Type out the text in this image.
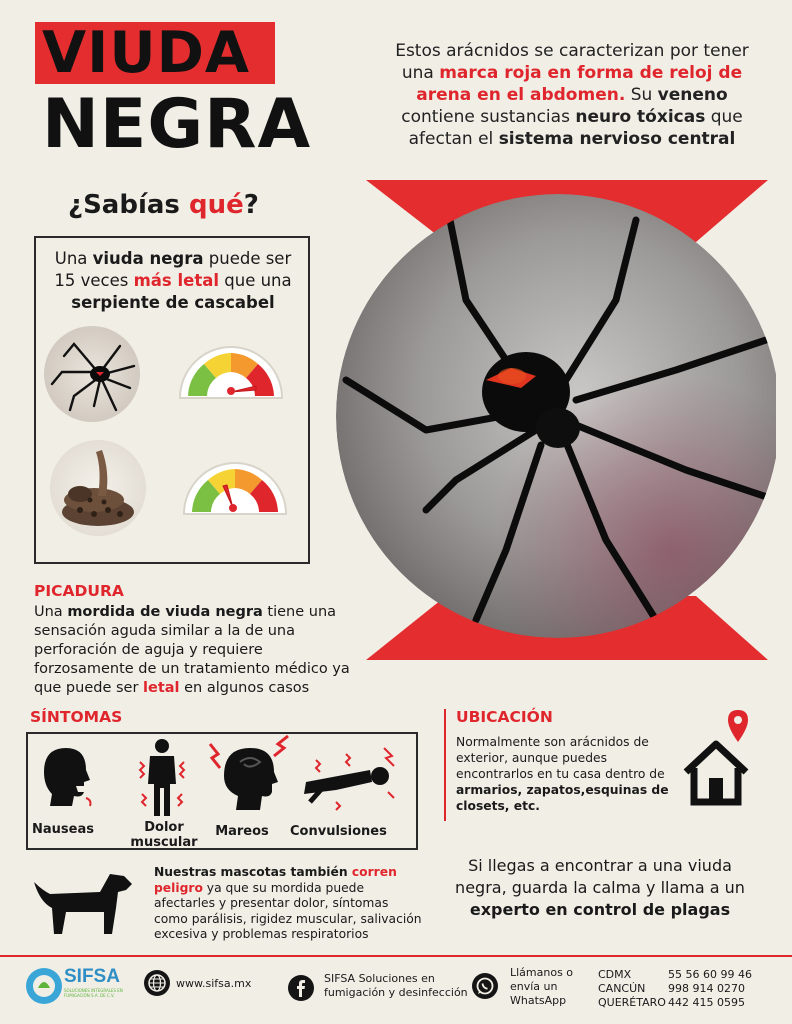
VIUDA
NEGRA
Estos arácnidos se caracterizan por tener una marca roja en forma de reloj de arena en el abdomen. Su veneno contiene sustancias neuro tóxicas que afectan el sistema nervioso central
¿Sabías qué?
Una viuda negra puede ser 15 veces más letal que una serpiente de cascabel
PICADURA
Una mordida de viuda negra tiene una sensación aguda similar a la de una perforación de aguja y requiere forzosamente de un tratamiento médico ya que puede ser letal en algunos casos
SÍNTOMAS
Nauseas	Dolor muscular
Mareos Convulsiones
UBICACIÓN
Normalmente son arácnidos de exterior, aunque puedes encontrarlos en tu casa dentro de armarios, zapatos,esquinas de closets, etc.
Si llegas a encontrar a una viuda negra, guarda la calma y llama a un experto en control de plagas
Nuestras mascotas también corren peligro ya que su mordida puede afectarles y presentar dolor, síntomas como parálisis, rigidez muscular, salivación excesiva y problemas respiratorios
SIFSA
SOLUCIONES INTEGRALES EN FUMIGACIÓN S.A. DE C.V.
www.sifsa.mx	SIFSA Soluciones en fumigación y desinfección
Llámanos o envía un WhatsApp
CDMX
CANCÚN
QUERÉTARO
55 56 60 99 46
998 914 0270
442 415 0595
